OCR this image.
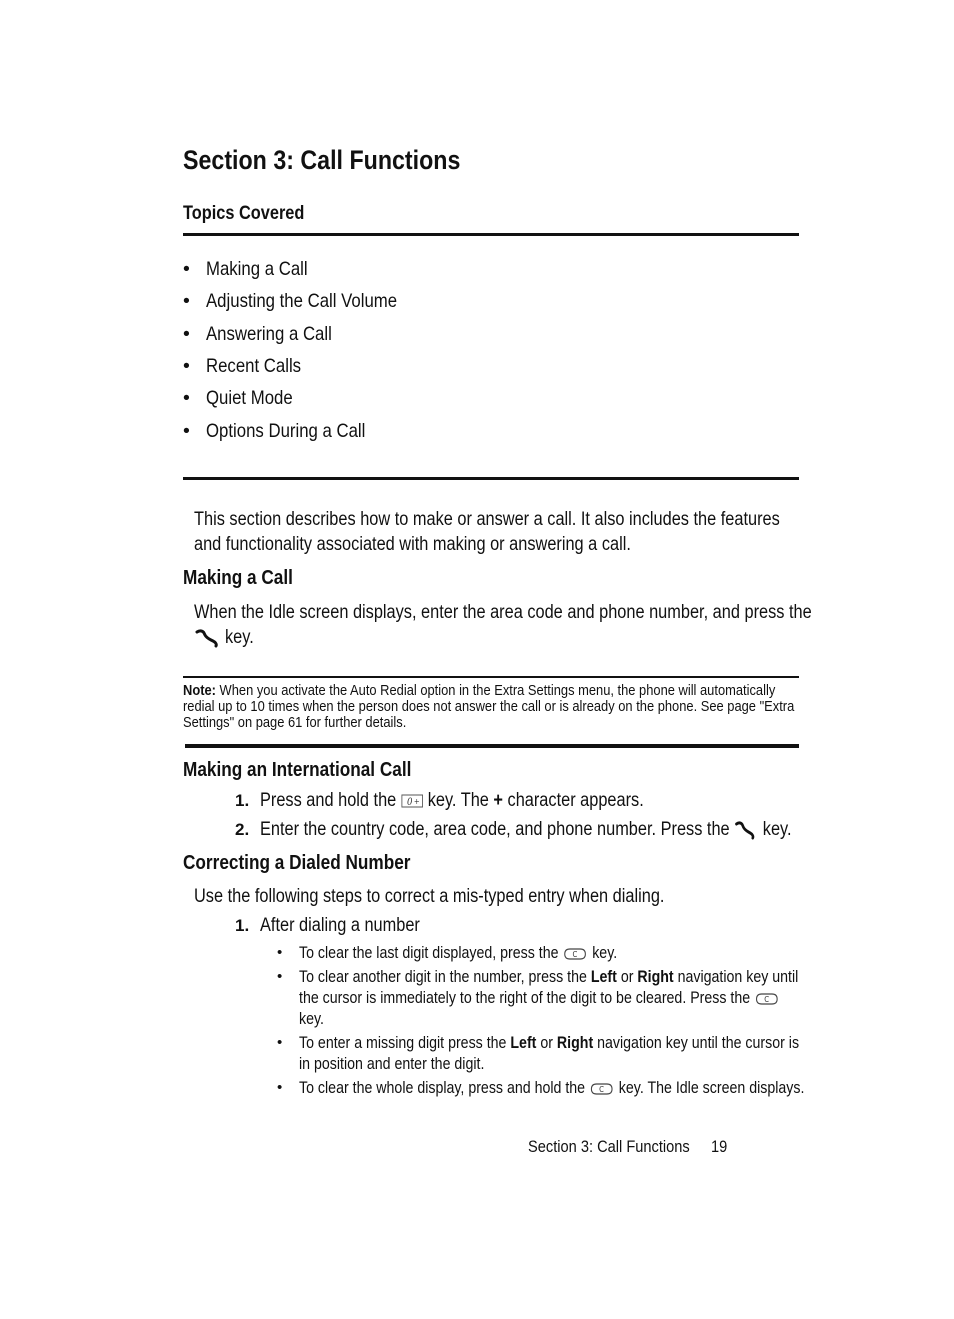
Section 3: Call Functions
Topics Covered
• Making a Call
• Adjusting the Call Volume
• Answering a Call
• Recent Calls
• Quiet Mode
• Options During a Call
This section describes how to make or answer a call. It also includes the features
and functionality associated with making or answering a call.
Making a Call
When the Idle screen displays, enter the area code and phone number, and press the
key.
Note: When you activate the Auto Redial option in the Extra Settings menu, the phone will automatically
redial up to 10 times when the person does not answer the call or is already on the phone. See page "Extra
Settings" on page 61 for further details.
Making an International Call
1. Press and hold the 0 + key. The + character appears.
2. Enter the country code, area code, and phone number. Press the key.
Correcting a Dialed Number
Use the following steps to correct a mis-typed entry when dialing.
1. After dialing a number
• To clear the last digit displayed, press the C key.
• To clear another digit in the number, press the Left or Right navigation key until
the cursor is immediately to the right of the digit to be cleared. Press the C

key.
• To enter a missing digit press the Left or Right navigation key until the cursor is
in position and enter the digit.
• To clear the whole display, press and hold the C key. The Idle screen displays.
Section 3: Call Functions	19
